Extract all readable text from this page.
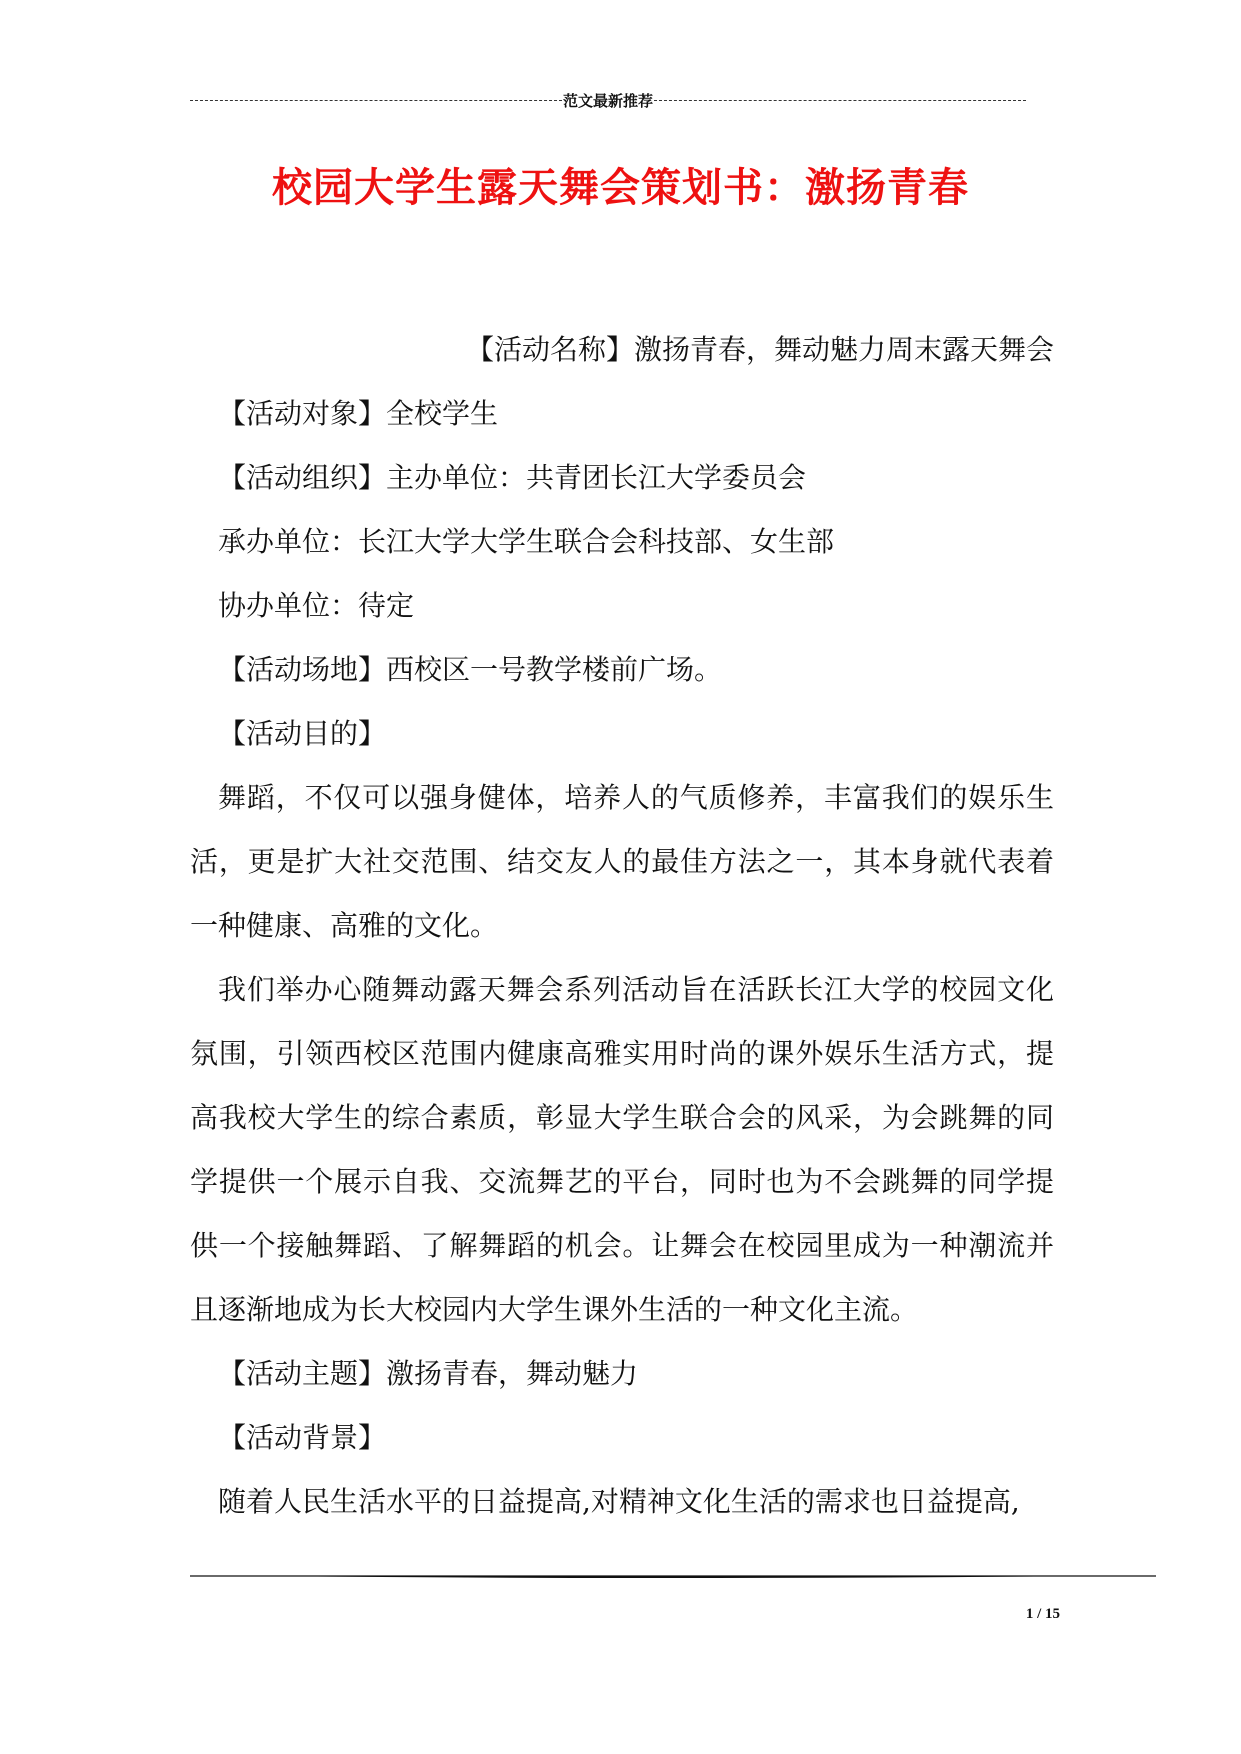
范文最新推荐
校园大学生露天舞会策划书：激扬青春

【活动名称】激扬青春，舞动魅力周末露天舞会

【活动对象】全校学生

【活动组织】主办单位：共青团长江大学委员会

承办单位：长江大学大学生联合会科技部、女生部

协办单位：待定

【活动场地】西校区一号教学楼前广场。

【活动目的】

舞蹈，不仅可以强身健体，培养人的气质修养，丰富我们的娱乐生活，更是扩大社交范围、结交友人的最佳方法之一，其本身就代表着一种健康、高雅的文化。

我们举办心随舞动露天舞会系列活动旨在活跃长江大学的校园文化氛围，引领西校区范围内健康高雅实用时尚的课外娱乐生活方式，提高我校大学生的综合素质，彰显大学生联合会的风采，为会跳舞的同学提供一个展示自我、交流舞艺的平台，同时也为不会跳舞的同学提供一个接触舞蹈、了解舞蹈的机会。让舞会在校园里成为一种潮流并且逐渐地成为长大校园内大学生课外生活的一种文化主流。

【活动主题】激扬青春，舞动魅力

【活动背景】

随着人民生活水平的日益提高,对精神文化生活的需求也日益提高,

1 / 15
